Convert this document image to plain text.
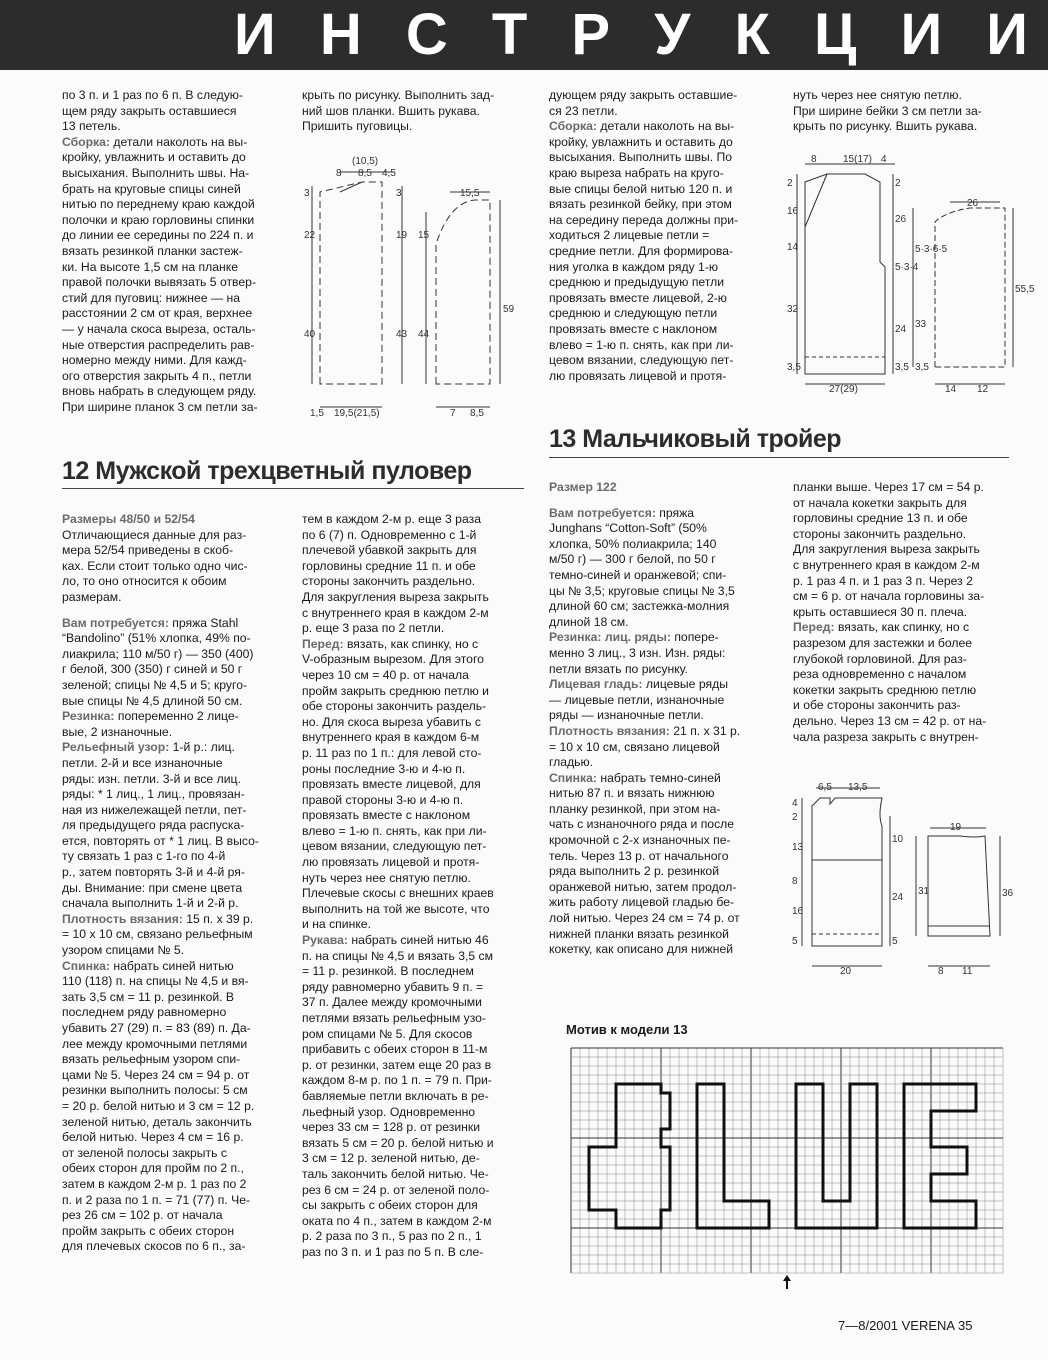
И Н С Т Р У К Ц И И

по 3 п. и 1 раз по 6 п. В следую-

щем ряду закрыть оставшиеся

13 петель.

Сборка: детали наколоть на вы-

кройку, увлажнить и оставить до

высыхания. Выполнить швы. На-

брать на круговые спицы синей

нитью по переднему краю каждой

полочки и краю горловины спинки

до линии ее середины по 224 п. и

вязать резинкой планки застеж-

ки. На высоте 1,5 см на планке

правой полочки вывязать 5 отвер-

стий для пуговиц: нижнее — на

расстоянии 2 см от края, верхнее

— у начала скоса выреза, осталь-

ные отверстия распределить рав-

номерно между ними. Для кажд-

ого отверстия закрыть 4 п., петли

вновь набрать в следующем ряду.

При ширине планок 3 см петли за-

крыть по рисунку. Выполнить зад-

ний шов планки. Вшить рукава.

Пришить пуговицы.

дующем ряду закрыть оставшие-

ся 23 петли.

Сборка: детали наколоть на вы-

кройку, увлажнить и оставить до

высыхания. Выполнить швы. По

краю выреза набрать на круго-

вые спицы белой нитью 120 п. и

вязать резинкой бейку, при этом

на середину переда должны при-

ходиться 2 лицевые петли =

средние петли. Для формирова-

ния уголка в каждом ряду 1-ю

среднюю и предыдущую петли

провязать вместе лицевой, 2-ю

среднюю и следующую петли

провязать вместе с наклоном

влево = 1-ю п. снять, как при ли-

цевом вязании, следующую пет-

лю провязать лицевой и протя-

нуть через нее снятую петлю.

При ширине бейки 3 см петли за-

крыть по рисунку. Вшить рукава.

(10,5)
8 8,5 4,5
15,5
3
22
3
19 15
40	43 44
59
1,5 19,5(21,5)	7 8,5
8	15(17) 4
26
2
16
14
32
3,5
2
26
5·3·4
24 33
5·3·6·5
55,5
3,5 3,5
27(29)	14 12
12 Мужской трехцветный пуловер

Размеры 48/50 и 52/54

Отличающиеся данные для раз-

мера 52/54 приведены в скоб-

ках. Если стоит только одно чис-

ло, то оно относится к обоим

размерам.

Вам потребуется: пряжа Stahl

“Bandolino” (51% хлопка, 49% по-

лиакрила; 110 м/50 г) — 350 (400)

г белой, 300 (350) г синей и 50 г

зеленой; спицы № 4,5 и 5; круго-

вые спицы № 4,5 длиной 50 см.

Резинка: попеременно 2 лице-

вые, 2 изнаночные.

Рельефный узор: 1-й р.: лиц.

петли. 2-й и все изнаночные

ряды: изн. петли. 3-й и все лиц.

ряды: * 1 лиц., 1 лиц., провязан-

ная из нижележащей петли, пет-

ля предыдущего ряда распуска-

ется, повторять от * 1 лиц. В высо-

ту связать 1 раз с 1-го по 4-й

р., затем повторять 3-й и 4-й ря-

ды. Внимание: при смене цвета

сначала выполнить 1-й и 2-й р.

Плотность вязания: 15 п. х 39 р.

= 10 х 10 см, связано рельефным

узором спицами № 5.

Спинка: набрать синей нитью

110 (118) п. на спицы № 4,5 и вя-

зать 3,5 см = 11 р. резинкой. В

последнем ряду равномерно

убавить 27 (29) п. = 83 (89) п. Да-

лее между кромочными петлями

вязать рельефным узором спи-

цами № 5. Через 24 см = 94 р. от

резинки выполнить полосы: 5 см

= 20 р. белой нитью и 3 см = 12 р.

зеленой нитью, деталь закончить

белой нитью. Через 4 см = 16 р.

от зеленой полосы закрыть с

обеих сторон для пройм по 2 п.,

затем в каждом 2-м р. 1 раз по 2

п. и 2 раза по 1 п. = 71 (77) п. Че-

рез 26 см = 102 р. от начала

пройм закрыть с обеих сторон

для плечевых скосов по 6 п., за-

тем в каждом 2-м р. еще 3 раза

по 6 (7) п. Одновременно с 1-й

плечевой убавкой закрыть для

горловины средние 11 п. и обе

стороны закончить раздельно.

Для закругления выреза закрыть

с внутреннего края в каждом 2-м

р. еще 3 раза по 2 петли.

Перед: вязать, как спинку, но с

V-образным вырезом. Для этого

через 10 см = 40 р. от начала

пройм закрыть среднюю петлю и

обе стороны закончить раздель-

но. Для скоса выреза убавить с

внутреннего края в каждом 6-м

р. 11 раз по 1 п.: для левой сто-

роны последние 3-ю и 4-ю п.

провязать вместе лицевой, для

правой стороны 3-ю и 4-ю п.

провязать вместе с наклоном

влево = 1-ю п. снять, как при ли-

цевом вязании, следующую пет-

лю провязать лицевой и протя-

нуть через нее снятую петлю.

Плечевые скосы с внешних краев

выполнить на той же высоте, что

и на спинке.

Рукава: набрать синей нитью 46

п. на спицы № 4,5 и вязать 3,5 см

= 11 р. резинкой. В последнем

ряду равномерно убавить 9 п. =

37 п. Далее между кромочными

петлями вязать рельефным узо-

ром спицами № 5. Для скосов

прибавить с обеих сторон в 11-м

р. от резинки, затем еще 20 раз в

каждом 8-м р. по 1 п. = 79 п. При-

бавляемые петли включать в ре-

льефный узор. Одновременно

через 33 см = 128 р. от резинки

вязать 5 см = 20 р. белой нитью и

3 см = 12 р. зеленой нитью, де-

таль закончить белой нитью. Че-

рез 6 см = 24 р. от зеленой поло-

сы закрыть с обеих сторон для

оката по 4 п., затем в каждом 2-м

р. 2 раза по 3 п., 5 раз по 2 п., 1

раз по 3 п. и 1 раз по 5 п. В сле-

13 Мальчиковый тройер

Размер 122

Вам потребуется: пряжа

Junghans “Cotton-Soft” (50%

хлопка, 50% полиакрила; 140

м/50 г) — 300 г белой, по 50 г

темно-синей и оранжевой; спи-

цы № 3,5; круговые спицы № 3,5

длиной 60 см; застежка-молния

длиной 18 см.

Резинка: лиц. ряды: попере-

менно 3 лиц., 3 изн. Изн. ряды:

петли вязать по рисунку.

Лицевая гладь: лицевые ряды

— лицевые петли, изнаночные

ряды — изнаночные петли.

Плотность вязания: 21 п. х 31 р.

= 10 х 10 см, связано лицевой

гладью.

Спинка: набрать темно-синей

нитью 87 п. и вязать нижнюю

планку резинкой, при этом на-

чать с изнаночного ряда и после

кромочной с 2-х изнаночных пе-

тель. Через 13 р. от начального

ряда выполнить 2 р. резинкой

оранжевой нитью, затем продол-

жить работу лицевой гладью бе-

лой нитью. Через 24 см = 74 р. от

нижней планки вязать резинкой

кокетку, как описано для нижней

планки выше. Через 17 см = 54 р.

от начала кокетки закрыть для

горловины средние 13 п. и обе

стороны закончить раздельно.

Для закругления выреза закрыть

с внутреннего края в каждом 2-м

р. 1 раз 4 п. и 1 раз 3 п. Через 2

см = 6 р. от начала горловины за-

крыть оставшиеся 30 п. плеча.

Перед: вязать, как спинку, но с

разрезом для застежки и более

глубокой горловиной. Для раз-

реза одновременно с началом

кокетки закрыть среднюю петлю

и обе стороны закончить раз-

дельно. Через 13 см = 42 р. от на-

чала разреза закрыть с внутрен-

6,5 13,5
19
4
2
13
10
8
16
24
31	36
5	5
20	8 11
Мотив к модели 13
7—8/2001 VERENA 35
